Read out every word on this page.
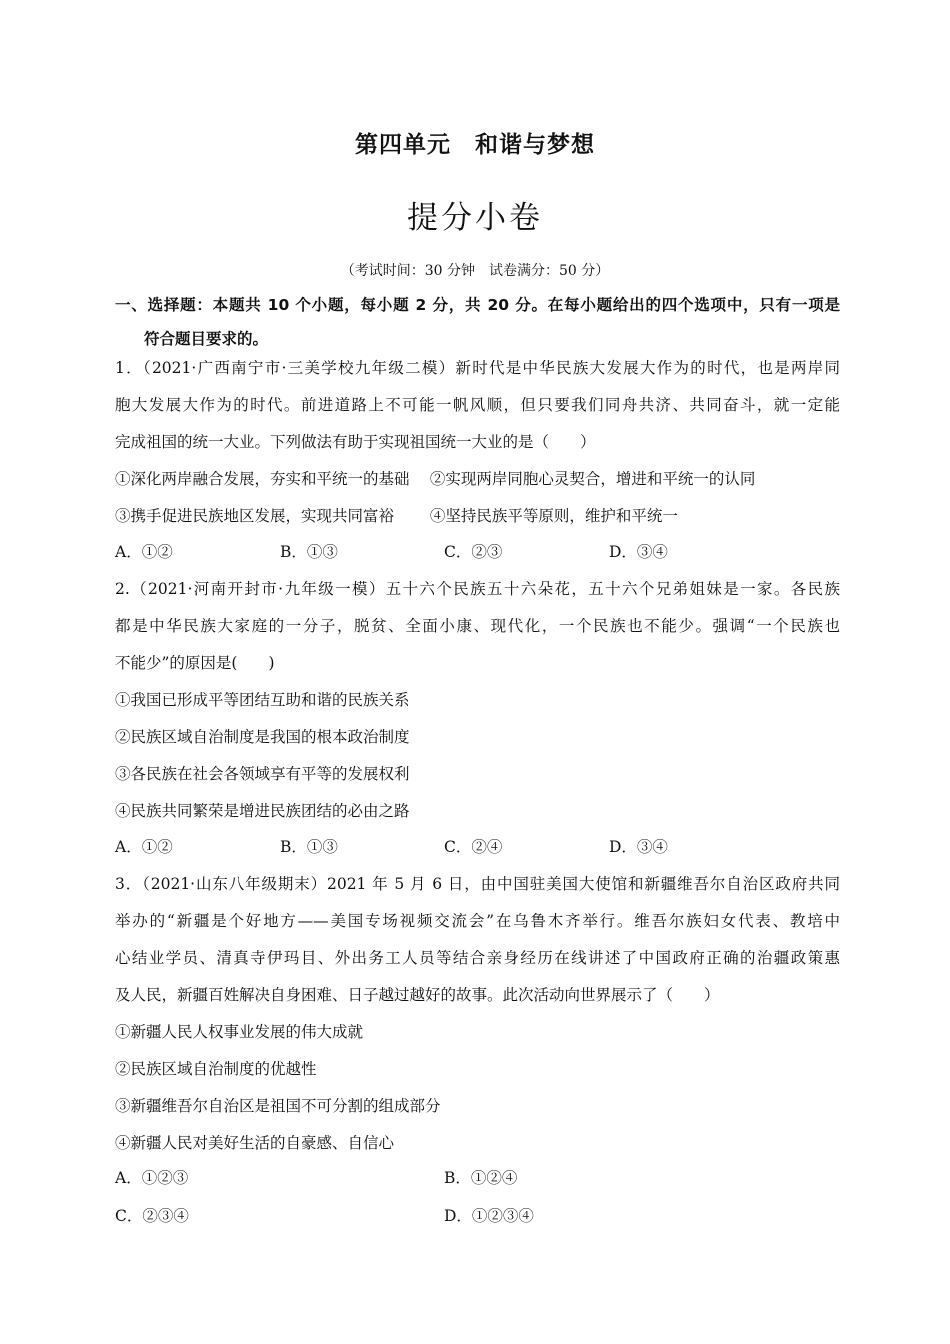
第四单元　和谐与梦想
提分小卷
（考试时间：30 分钟　试卷满分：50 分）
一、选择题：本题共 10 个小题，每小题 2 分，共 20 分。在每小题给出的四个选项中，只有一项是
符合题目要求的。
1．（2021·广西南宁市·三美学校九年级二模）新时代是中华民族大发展大作为的时代，也是两岸同
胞大发展大作为的时代。前进道路上不可能一帆风顺，但只要我们同舟共济、共同奋斗，就一定能
完成祖国的统一大业。下列做法有助于实现祖国统一大业的是（　　）
①深化两岸融合发展，夯实和平统一的基础　 ②实现两岸同胞心灵契合，增进和平统一的认同
③携手促进民族地区发展，实现共同富裕　　 ④坚持民族平等原则，维护和平统一
A．①②	B．①③	C．②③	D．③④
2.（2021·河南开封市·九年级一模）五十六个民族五十六朵花，五十六个兄弟姐妹是一家。各民族
都是中华民族大家庭的一分子，脱贫、全面小康、现代化，一个民族也不能少。强调“一个民族也
不能少”的原因是(　　)
①我国已形成平等团结互助和谐的民族关系
②民族区域自治制度是我国的根本政治制度
③各民族在社会各领域享有平等的发展权利
④民族共同繁荣是增进民族团结的必由之路
A．①②	B．①③	C．②④	D．③④
3．（2021·山东八年级期末）2021 年 5 月 6 日，由中国驻美国大使馆和新疆维吾尔自治区政府共同
举办的“新疆是个好地方——美国专场视频交流会”在乌鲁木齐举行。维吾尔族妇女代表、教培中
心结业学员、清真寺伊玛目、外出务工人员等结合亲身经历在线讲述了中国政府正确的治疆政策惠
及人民，新疆百姓解决自身困难、日子越过越好的故事。此次活动向世界展示了（　　）
①新疆人民人权事业发展的伟大成就
②民族区域自治制度的优越性
③新疆维吾尔自治区是祖国不可分割的组成部分
④新疆人民对美好生活的自豪感、自信心
A．①②③	B．①②④
C．②③④	D．①②③④
